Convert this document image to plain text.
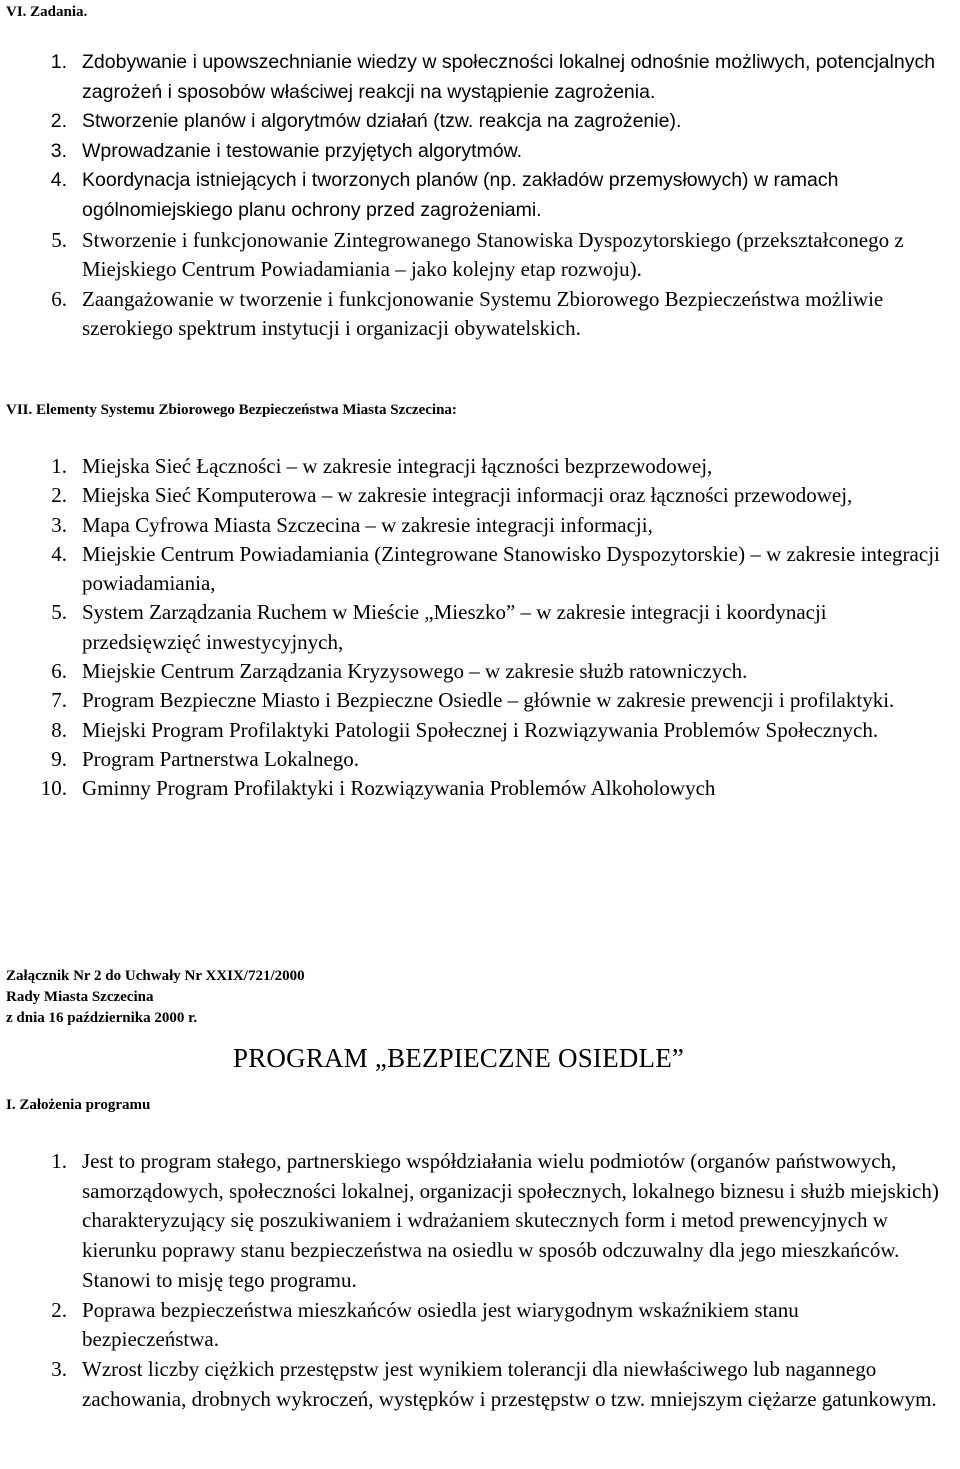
VI. Zadania.
1. Zdobywanie i upowszechnianie wiedzy w społeczności lokalnej odnośnie możliwych, potencjalnych zagrożeń i sposobów właściwej reakcji na wystąpienie zagrożenia.
2. Stworzenie planów i algorytmów działań (tzw. reakcja na zagrożenie).
3. Wprowadzanie i testowanie przyjętych algorytmów.
4. Koordynacja istniejących i tworzonych planów (np. zakładów przemysłowych) w ramach ogólnomiejskiego planu ochrony przed zagrożeniami.
5. Stworzenie i funkcjonowanie Zintegrowanego Stanowiska Dyspozytorskiego (przekształconego z Miejskiego Centrum Powiadamiania – jako kolejny etap rozwoju).
6. Zaangażowanie w tworzenie i funkcjonowanie Systemu Zbiorowego Bezpieczeństwa możliwie szerokiego spektrum instytucji i organizacji obywatelskich.
VII. Elementy Systemu Zbiorowego Bezpieczeństwa Miasta Szczecina:
1. Miejska Sieć Łączności – w zakresie integracji łączności bezprzewodowej,
2. Miejska Sieć Komputerowa – w zakresie integracji informacji oraz łączności przewodowej,
3. Mapa Cyfrowa Miasta Szczecina – w zakresie integracji informacji,
4. Miejskie Centrum Powiadamiania (Zintegrowane Stanowisko Dyspozytorskie) – w zakresie integracji powiadamiania,
5. System Zarządzania Ruchem w Mieście „Mieszko” – w zakresie integracji i koordynacji przedsięwzięć inwestycyjnych,
6. Miejskie Centrum Zarządzania Kryzysowego – w zakresie służb ratowniczych.
7. Program Bezpieczne Miasto i Bezpieczne Osiedle – głównie w zakresie prewencji i profilaktyki.
8. Miejski Program Profilaktyki Patologii Społecznej i Rozwiązywania Problemów Społecznych.
9. Program Partnerstwa Lokalnego.
10. Gminny Program Profilaktyki i Rozwiązywania Problemów Alkoholowych
Załącznik Nr 2 do Uchwały Nr XXIX/721/2000
Rady Miasta Szczecina
z dnia 16 października 2000 r.
PROGRAM „BEZPIECZNE OSIEDLE”
I. Założenia programu
1. Jest to program stałego, partnerskiego współdziałania wielu podmiotów (organów państwowych, samorządowych, społeczności lokalnej, organizacji społecznych, lokalnego biznesu i służb miejskich) charakteryzujący się poszukiwaniem i wdrażaniem skutecznych form i metod prewencyjnych w kierunku poprawy stanu bezpieczeństwa na osiedlu w sposób odczuwalny dla jego mieszkańców. Stanowi to misję tego programu.
2. Poprawa bezpieczeństwa mieszkańców osiedla jest wiarygodnym wskaźnikiem stanu bezpieczeństwa.
3. Wzrost liczby ciężkich przestępstw jest wynikiem tolerancji dla niewłaściwego lub nagannego zachowania, drobnych wykroczeń, występków i przestępstw o tzw. mniejszym ciężarze gatunkowym.
